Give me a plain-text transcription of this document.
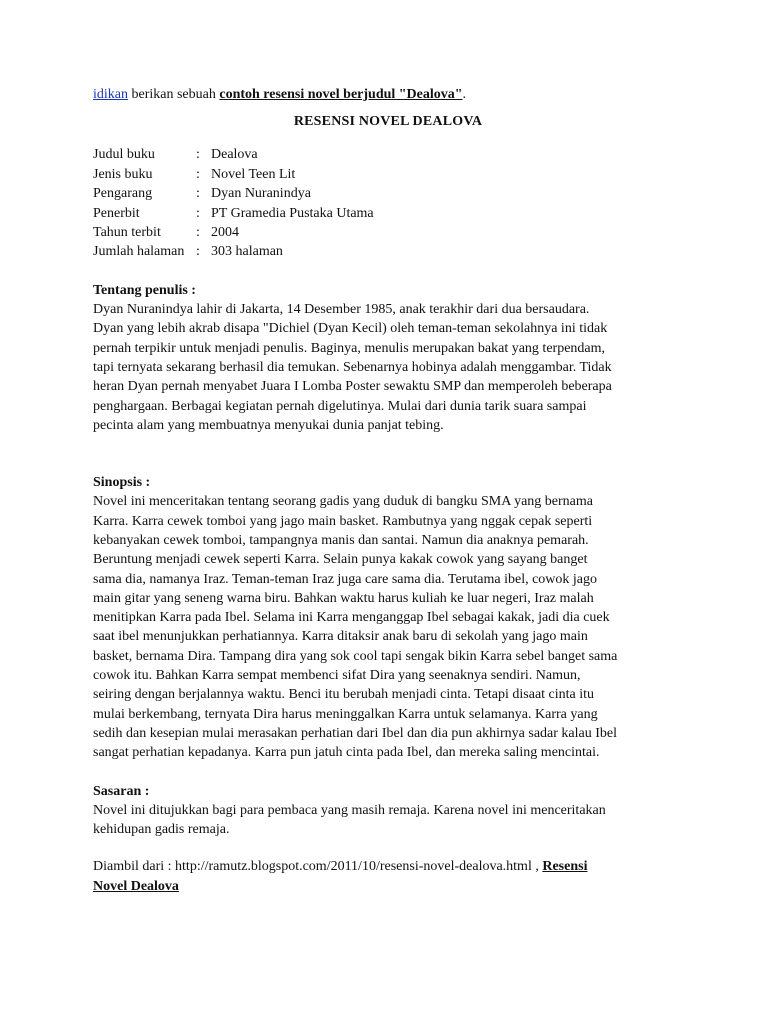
idikan berikan sebuah contoh resensi novel berjudul "Dealova".
RESENSI NOVEL DEALOVA
Judul buku	: Dealova
Jenis buku	: Novel Teen Lit
Pengarang	: Dyan Nuranindya
Penerbit	: PT Gramedia Pustaka Utama
Tahun terbit	: 2004
Jumlah halaman : 303 halaman

Tentang penulis :

Dyan Nuranindya lahir di Jakarta, 14 Desember 1985, anak terakhir dari dua bersaudara.

Dyan yang lebih akrab disapa "Dichiel (Dyan Kecil) oleh teman-teman sekolahnya ini tidak

pernah terpikir untuk menjadi penulis. Baginya, menulis merupakan bakat yang terpendam,

tapi ternyata sekarang berhasil dia temukan. Sebenarnya hobinya adalah menggambar. Tidak

heran Dyan pernah menyabet Juara I Lomba Poster sewaktu SMP dan memperoleh beberapa

penghargaan. Berbagai kegiatan pernah digelutinya. Mulai dari dunia tarik suara sampai

pecinta alam yang membuatnya menyukai dunia panjat tebing.

Sinopsis :

Novel ini menceritakan tentang seorang gadis yang duduk di bangku SMA yang bernama

Karra. Karra cewek tomboi yang jago main basket. Rambutnya yang nggak cepak seperti

kebanyakan cewek tomboi, tampangnya manis dan santai. Namun dia anaknya pemarah.

Beruntung menjadi cewek seperti Karra. Selain punya kakak cowok yang sayang banget

sama dia, namanya Iraz. Teman-teman Iraz juga care sama dia. Terutama ibel, cowok jago

main gitar yang seneng warna biru. Bahkan waktu harus kuliah ke luar negeri, Iraz malah

menitipkan Karra pada Ibel. Selama ini Karra menganggap Ibel sebagai kakak, jadi dia cuek

saat ibel menunjukkan perhatiannya. Karra ditaksir anak baru di sekolah yang jago main

basket, bernama Dira. Tampang dira yang sok cool tapi sengak bikin Karra sebel banget sama

cowok itu. Bahkan Karra sempat membenci sifat Dira yang seenaknya sendiri. Namun,

seiring dengan berjalannya waktu. Benci itu berubah menjadi cinta. Tetapi disaat cinta itu

mulai berkembang, ternyata Dira harus meninggalkan Karra untuk selamanya. Karra yang

sedih dan kesepian mulai merasakan perhatian dari Ibel dan dia pun akhirnya sadar kalau Ibel

sangat perhatian kepadanya. Karra pun jatuh cinta pada Ibel, dan mereka saling mencintai.

Sasaran :

Novel ini ditujukkan bagi para pembaca yang masih remaja. Karena novel ini menceritakan

kehidupan gadis remaja.

Diambil dari : http://ramutz.blogspot.com/2011/10/resensi-novel-dealova.html , Resensi
Novel Dealova
